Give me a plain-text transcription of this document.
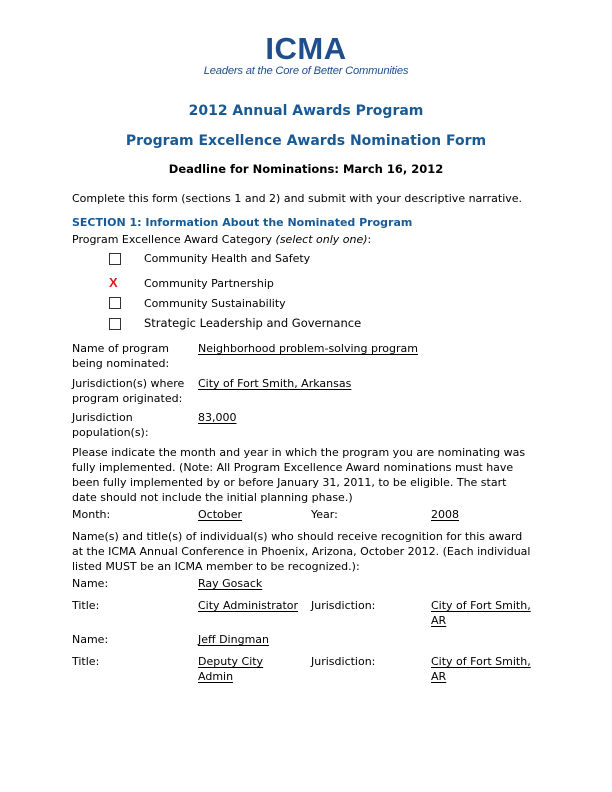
ICMA
Leaders at the Core of Better Communities
2012 Annual Awards Program
Program Excellence Awards Nomination Form
Deadline for Nominations: March 16, 2012
Complete this form (sections 1 and 2) and submit with your descriptive narrative.
SECTION 1: Information About the Nominated Program
Program Excellence Award Category (select only one):
Community Health and Safety
X Community Partnership
Community Sustainability
Strategic Leadership and Governance
Name of program
being nominated:
Neighborhood problem-solving program
Jurisdiction(s) where
program originated:
City of Fort Smith, Arkansas
Jurisdiction
population(s):
83,000
Please indicate the month and year in which the program you are nominating was
fully implemented. (Note: All Program Excellence Award nominations must have
been fully implemented by or before January 31, 2011, to be eligible. The start
date should not include the initial planning phase.)
Month:	October	Year:	2008
Name(s) and title(s) of individual(s) who should receive recognition for this award
at the ICMA Annual Conference in Phoenix, Arizona, October 2012. (Each individual
listed MUST be an ICMA member to be recognized.):
Name:	Ray Gosack
Title:	City Administrator Jurisdiction:	City of Fort Smith,
AR
Name:	Jeff Dingman
Title:	Deputy City
Admin
Jurisdiction:	City of Fort Smith,
AR
